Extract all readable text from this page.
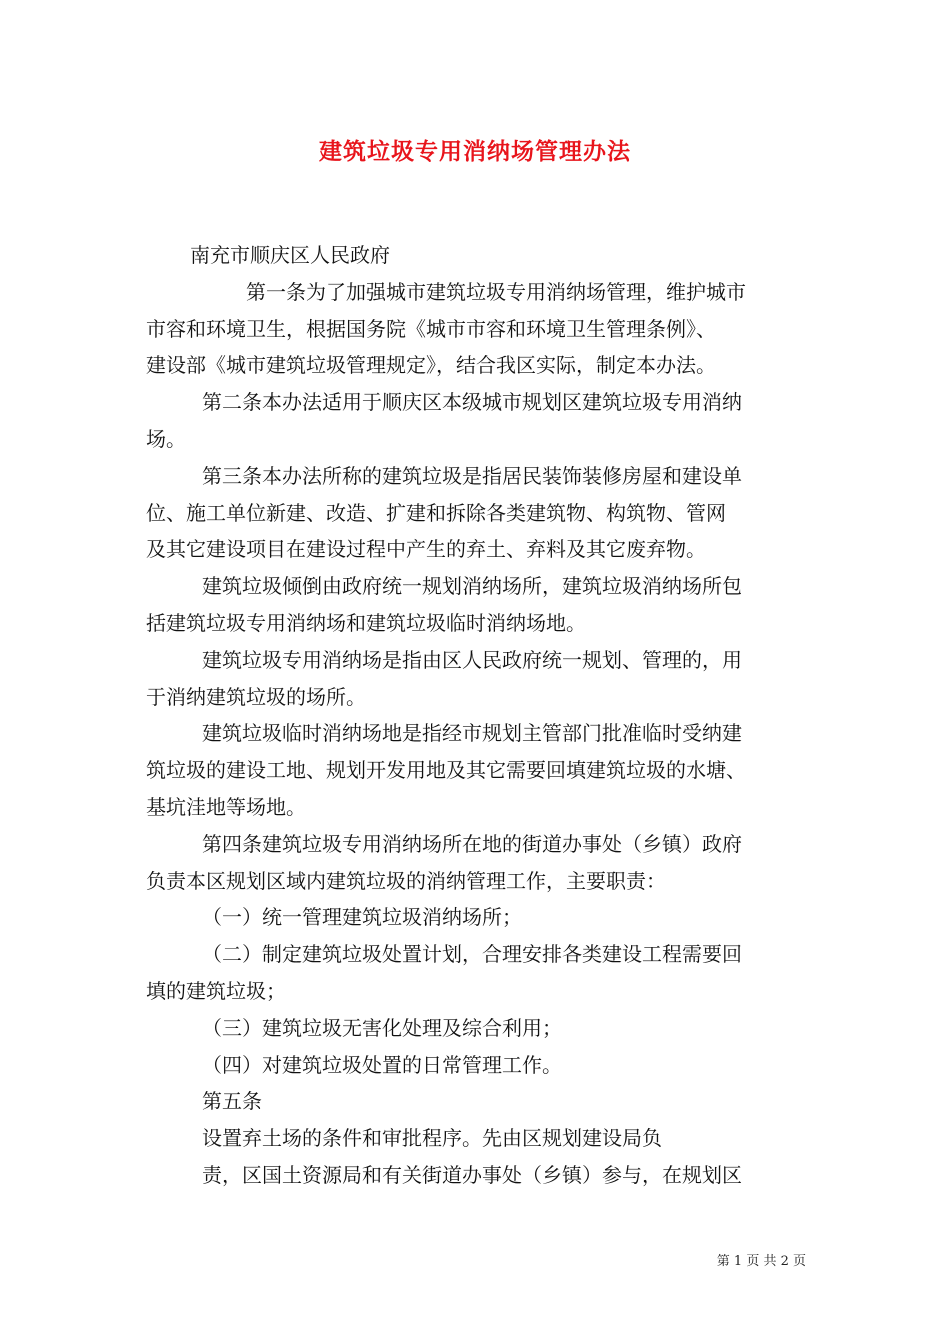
建筑垃圾专用消纳场管理办法

南充市顺庆区人民政府

第一条为了加强城市建筑垃圾专用消纳场管理，维护城市

市容和环境卫生，根据国务院《城市市容和环境卫生管理条例》、

建设部《城市建筑垃圾管理规定》，结合我区实际，制定本办法。

第二条本办法适用于顺庆区本级城市规划区建筑垃圾专用消纳

场。

第三条本办法所称的建筑垃圾是指居民装饰装修房屋和建设单

位、施工单位新建、改造、扩建和拆除各类建筑物、构筑物、管网

及其它建设项目在建设过程中产生的弃土、弃料及其它废弃物。

建筑垃圾倾倒由政府统一规划消纳场所，建筑垃圾消纳场所包

括建筑垃圾专用消纳场和建筑垃圾临时消纳场地。

建筑垃圾专用消纳场是指由区人民政府统一规划、管理的，用

于消纳建筑垃圾的场所。

建筑垃圾临时消纳场地是指经市规划主管部门批准临时受纳建

筑垃圾的建设工地、规划开发用地及其它需要回填建筑垃圾的水塘、

基坑洼地等场地。

第四条建筑垃圾专用消纳场所在地的街道办事处（乡镇）政府

负责本区规划区域内建筑垃圾的消纳管理工作，主要职责：

（一）统一管理建筑垃圾消纳场所；

（二）制定建筑垃圾处置计划，合理安排各类建设工程需要回

填的建筑垃圾；

（三）建筑垃圾无害化处理及综合利用；

（四）对建筑垃圾处置的日常管理工作。

第五条

设置弃土场的条件和审批程序。先由区规划建设局负

责，区国土资源局和有关街道办事处（乡镇）参与，在规划区

第 1 页 共 2 页
